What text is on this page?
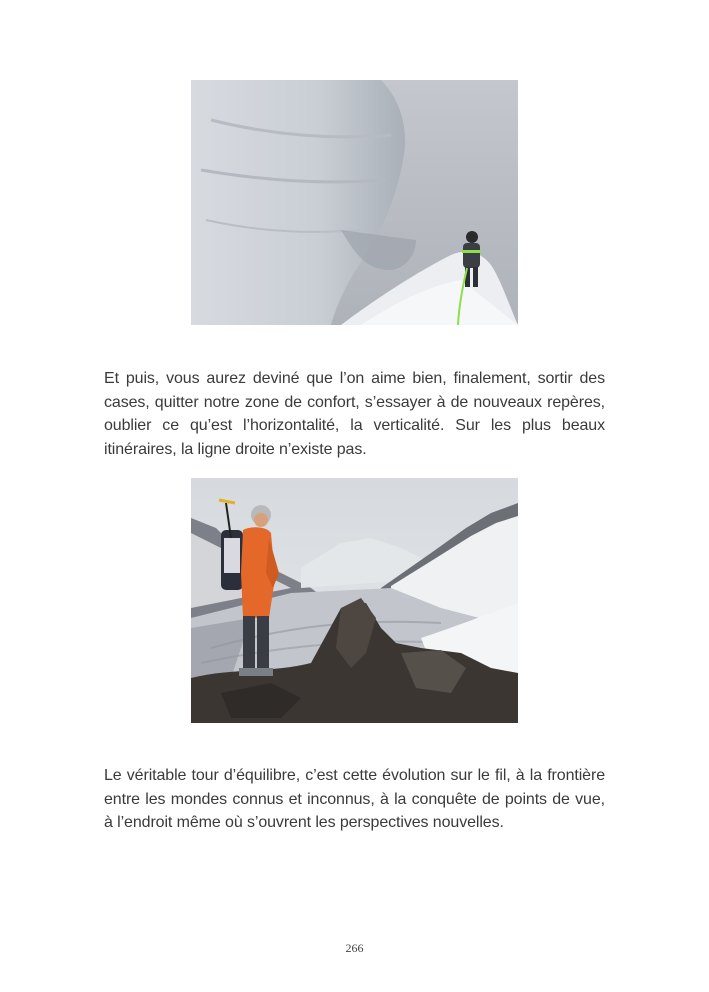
Et puis, vous aurez deviné que l’on aime bien, finalement, sortir des cases, quitter notre zone de confort, s’essayer à de nouveaux repères, oublier ce qu’est l’horizontalité, la verticalité. Sur les plus beaux itinéraires, la ligne droite n’existe pas.

Le véritable tour d’équilibre, c’est cette évolution sur le fil, à la frontière entre les mondes connus et inconnus, à la conquête de points de vue, à l’endroit même où s’ouvrent les perspectives nouvelles.

266
